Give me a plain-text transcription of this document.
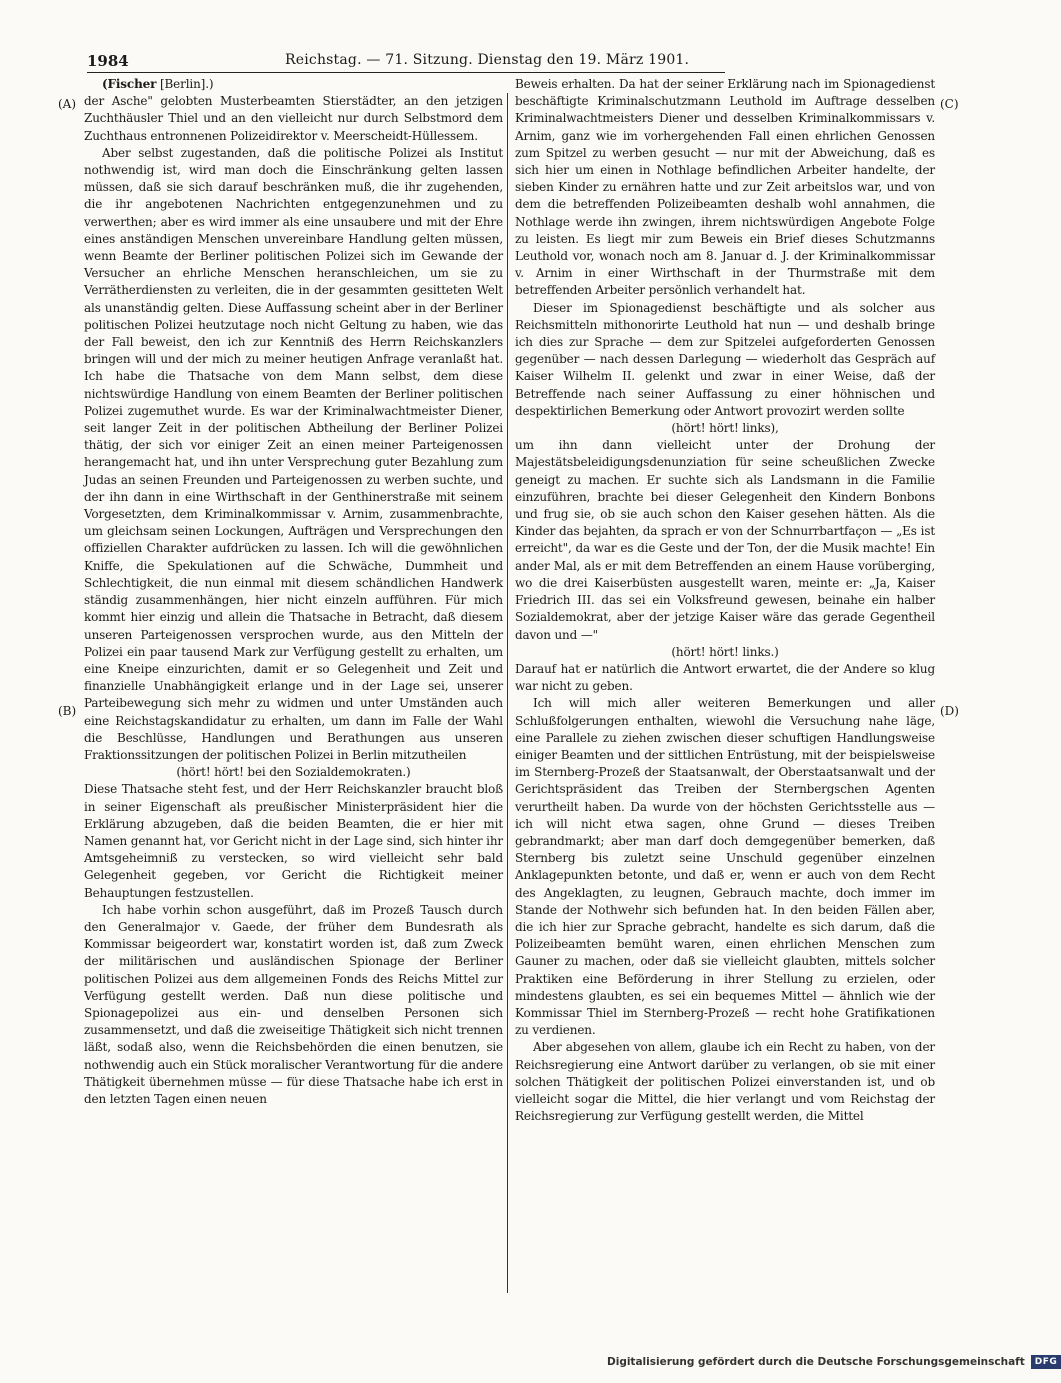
1984	Reichstag. — 71. Sitzung. Dienstag den 19. März 1901.
(A)
(B)
(C)
(D)

(Fischer [Berlin].)

der Asche" gelobten Musterbeamten Stierstädter, an den jetzigen Zuchthäusler Thiel und an den vielleicht nur durch Selbstmord dem Zuchthaus entronnenen Polizeidirektor v. Meerscheidt-Hüllessem.

Aber selbst zugestanden, daß die politische Polizei als Institut nothwendig ist, wird man doch die Einschränkung gelten lassen müssen, daß sie sich darauf beschränken muß, die ihr zugehenden, die ihr angebotenen Nachrichten entgegenzunehmen und zu verwerthen; aber es wird immer als eine unsaubere und mit der Ehre eines anständigen Menschen unvereinbare Handlung gelten müssen, wenn Beamte der Berliner politischen Polizei sich im Gewande der Versucher an ehrliche Menschen heranschleichen, um sie zu Verrätherdiensten zu verleiten, die in der gesammten gesitteten Welt als unanständig gelten. Diese Auffassung scheint aber in der Berliner politischen Polizei heutzutage noch nicht Geltung zu haben, wie das der Fall beweist, den ich zur Kenntniß des Herrn Reichskanzlers bringen will und der mich zu meiner heutigen Anfrage veranlaßt hat. Ich habe die Thatsache von dem Mann selbst, dem diese nichtswürdige Handlung von einem Beamten der Berliner politischen Polizei zugemuthet wurde. Es war der Kriminalwachtmeister Diener, seit langer Zeit in der politischen Abtheilung der Berliner Polizei thätig, der sich vor einiger Zeit an einen meiner Parteigenossen herangemacht hat, und ihn unter Versprechung guter Bezahlung zum Judas an seinen Freunden und Parteigenossen zu werben suchte, und der ihn dann in eine Wirthschaft in der Genthinerstraße mit seinem Vorgesetzten, dem Kriminalkommissar v. Arnim, zusammenbrachte, um gleichsam seinen Lockungen, Aufträgen und Versprechungen den offiziellen Charakter aufdrücken zu lassen. Ich will die gewöhnlichen Kniffe, die Spekulationen auf die Schwäche, Dummheit und Schlechtigkeit, die nun einmal mit diesem schändlichen Handwerk ständig zusammenhängen, hier nicht einzeln aufführen. Für mich kommt hier einzig und allein die Thatsache in Betracht, daß diesem unseren Parteigenossen versprochen wurde, aus den Mitteln der Polizei ein paar tausend Mark zur Verfügung gestellt zu erhalten, um eine Kneipe einzurichten, damit er so Gelegenheit und Zeit und finanzielle Unabhängigkeit erlange und in der Lage sei, unserer Parteibewegung sich mehr zu widmen und unter Umständen auch eine Reichstagskandidatur zu erhalten, um dann im Falle der Wahl die Beschlüsse, Handlungen und Berathungen aus unseren Fraktionssitzungen der politischen Polizei in Berlin mitzutheilen

(hört! hört! bei den Sozialdemokraten.)

Diese Thatsache steht fest, und der Herr Reichskanzler braucht bloß in seiner Eigenschaft als preußischer Ministerpräsident hier die Erklärung abzugeben, daß die beiden Beamten, die er hier mit Namen genannt hat, vor Gericht nicht in der Lage sind, sich hinter ihr Amtsgeheimniß zu verstecken, so wird vielleicht sehr bald Gelegenheit gegeben, vor Gericht die Richtigkeit meiner Behauptungen festzustellen.

Ich habe vorhin schon ausgeführt, daß im Prozeß Tausch durch den Generalmajor v. Gaede, der früher dem Bundesrath als Kommissar beigeordert war, konstatirt worden ist, daß zum Zweck der militärischen und ausländischen Spionage der Berliner politischen Polizei aus dem allgemeinen Fonds des Reichs Mittel zur Verfügung gestellt werden. Daß nun diese politische und Spionagepolizei aus ein- und denselben Personen sich zusammensetzt, und daß die zweiseitige Thätigkeit sich nicht trennen läßt, sodaß also, wenn die Reichsbehörden die einen benutzen, sie nothwendig auch ein Stück moralischer Verantwortung für die andere Thätigkeit übernehmen müsse — für diese Thatsache habe ich erst in den letzten Tagen einen neuen

Beweis erhalten. Da hat der seiner Erklärung nach im Spionagedienst beschäftigte Kriminalschutzmann Leuthold im Auftrage desselben Kriminalwachtmeisters Diener und desselben Kriminalkommissars v. Arnim, ganz wie im vorhergehenden Fall einen ehrlichen Genossen zum Spitzel zu werben gesucht — nur mit der Abweichung, daß es sich hier um einen in Nothlage befindlichen Arbeiter handelte, der sieben Kinder zu ernähren hatte und zur Zeit arbeitslos war, und von dem die betreffenden Polizeibeamten deshalb wohl annahmen, die Nothlage werde ihn zwingen, ihrem nichtswürdigen Angebote Folge zu leisten. Es liegt mir zum Beweis ein Brief dieses Schutzmanns Leuthold vor, wonach noch am 8. Januar d. J. der Kriminalkommissar v. Arnim in einer Wirthschaft in der Thurmstraße mit dem betreffenden Arbeiter persönlich verhandelt hat.

Dieser im Spionagedienst beschäftigte und als solcher aus Reichsmitteln mithonorirte Leuthold hat nun — und deshalb bringe ich dies zur Sprache — dem zur Spitzelei aufgeforderten Genossen gegenüber — nach dessen Darlegung — wiederholt das Gespräch auf Kaiser Wilhelm II. gelenkt und zwar in einer Weise, daß der Betreffende nach seiner Auffassung zu einer höhnischen und despektirlichen Bemerkung oder Antwort provozirt werden sollte

(hört! hört! links),

um ihn dann vielleicht unter der Drohung der Majestätsbeleidigungsdenunziation für seine scheußlichen Zwecke geneigt zu machen. Er suchte sich als Landsmann in die Familie einzuführen, brachte bei dieser Gelegenheit den Kindern Bonbons und frug sie, ob sie auch schon den Kaiser gesehen hätten. Als die Kinder das bejahten, da sprach er von der Schnurrbartfaçon — „Es ist erreicht", da war es die Geste und der Ton, der die Musik machte! Ein ander Mal, als er mit dem Betreffenden an einem Hause vorüberging, wo die drei Kaiserbüsten ausgestellt waren, meinte er: „Ja, Kaiser Friedrich III. das sei ein Volksfreund gewesen, beinahe ein halber Sozialdemokrat, aber der jetzige Kaiser wäre das gerade Gegentheil davon und —"

(hört! hört! links.)

Darauf hat er natürlich die Antwort erwartet, die der Andere so klug war nicht zu geben.

Ich will mich aller weiteren Bemerkungen und aller Schlußfolgerungen enthalten, wiewohl die Versuchung nahe läge, eine Parallele zu ziehen zwischen dieser schuftigen Handlungsweise einiger Beamten und der sittlichen Entrüstung, mit der beispielsweise im Sternberg-Prozeß der Staatsanwalt, der Oberstaatsanwalt und der Gerichtspräsident das Treiben der Sternbergschen Agenten verurtheilt haben. Da wurde von der höchsten Gerichtsstelle aus — ich will nicht etwa sagen, ohne Grund — dieses Treiben gebrandmarkt; aber man darf doch demgegenüber bemerken, daß Sternberg bis zuletzt seine Unschuld gegenüber einzelnen Anklagepunkten betonte, und daß er, wenn er auch von dem Recht des Angeklagten, zu leugnen, Gebrauch machte, doch immer im Stande der Nothwehr sich befunden hat. In den beiden Fällen aber, die ich hier zur Sprache gebracht, handelte es sich darum, daß die Polizeibeamten bemüht waren, einen ehrlichen Menschen zum Gauner zu machen, oder daß sie vielleicht glaubten, mittels solcher Praktiken eine Beförderung in ihrer Stellung zu erzielen, oder mindestens glaubten, es sei ein bequemes Mittel — ähnlich wie der Kommissar Thiel im Sternberg-Prozeß — recht hohe Gratifikationen zu verdienen.

Aber abgesehen von allem, glaube ich ein Recht zu haben, von der Reichsregierung eine Antwort darüber zu verlangen, ob sie mit einer solchen Thätigkeit der politischen Polizei einverstanden ist, und ob vielleicht sogar die Mittel, die hier verlangt und vom Reichstag der Reichsregierung zur Verfügung gestellt werden, die Mittel

Digitalisierung gefördert durch die Deutsche Forschungsgemeinschaft	DFG
